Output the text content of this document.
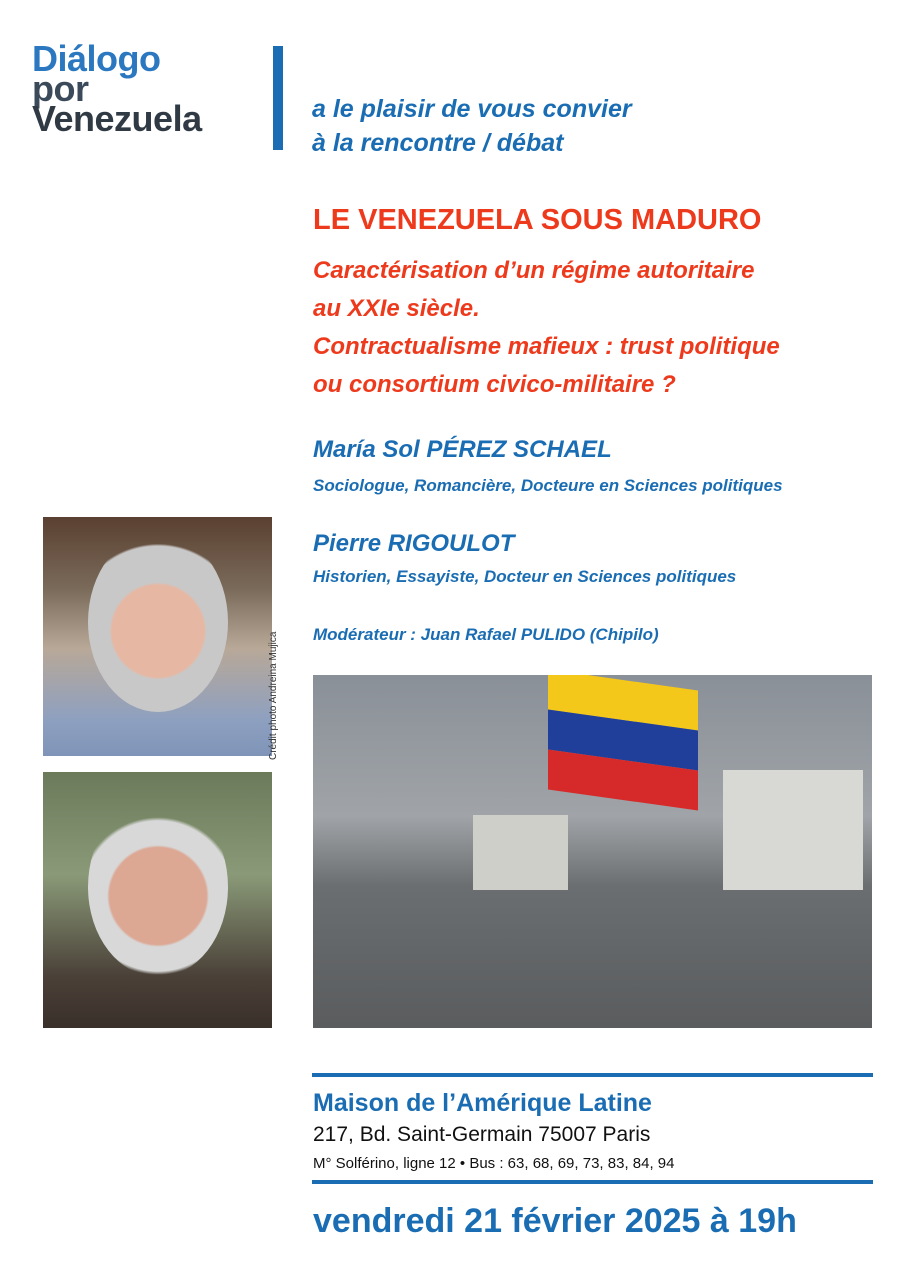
Diálogo
por
Venezuela	a le plaisir de vous convier
à la rencontre / débat
LE VENEZUELA SOUS MADURO
Caractérisation d’un régime autoritaire
au XXIe siècle.
Contractualisme mafieux : trust politique
ou consortium civico-militaire ?
María Sol PÉREZ SCHAEL
Sociologue, Romancière, Docteure en Sciences politiques
Pierre RIGOULOT
Historien, Essayiste, Docteur en Sciences politiques
Modérateur : Juan Rafael PULIDO (Chipilo)
Crédit photo Andreina Mujica
Maison de l’Amérique Latine
217, Bd. Saint-Germain 75007 Paris
M° Solférino, ligne 12 • Bus : 63, 68, 69, 73, 83, 84, 94
vendredi 21 février 2025 à 19h
